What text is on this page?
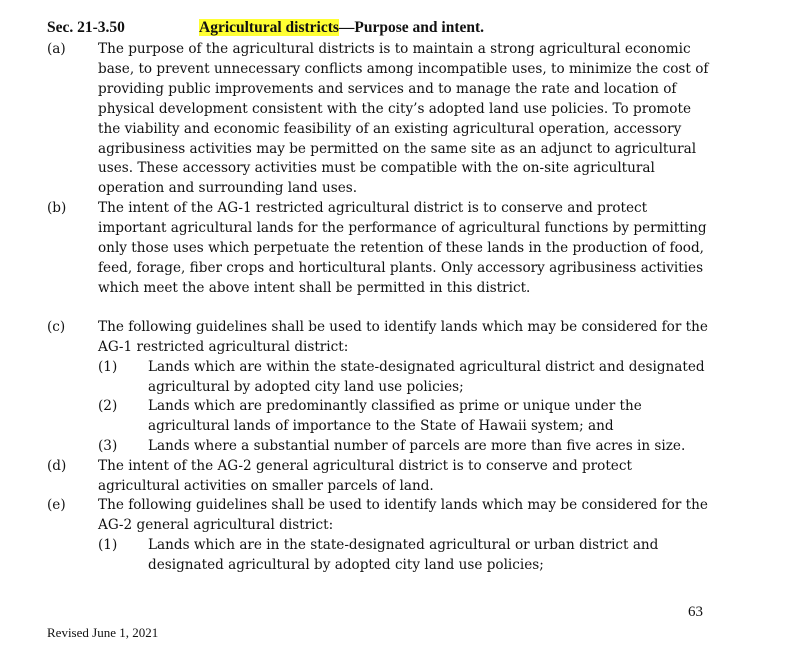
Sec. 21-3.50	Agricultural districts—Purpose and intent.
(a) The purpose of the agricultural districts is to maintain a strong agricultural economic base, to prevent unnecessary conflicts among incompatible uses, to minimize the cost of providing public improvements and services and to manage the rate and location of physical development consistent with the city’s adopted land use policies. To promote the viability and economic feasibility of an existing agricultural operation, accessory agribusiness activities may be permitted on the same site as an adjunct to agricultural uses. These accessory activities must be compatible with the on-site agricultural operation and surrounding land uses.
(b) The intent of the AG-1 restricted agricultural district is to conserve and protect important agricultural lands for the performance of agricultural functions by permitting only those uses which perpetuate the retention of these lands in the production of food, feed, forage, fiber crops and horticultural plants. Only accessory agribusiness activities which meet the above intent shall be permitted in this district.
(c) The following guidelines shall be used to identify lands which may be considered for the AG-1 restricted agricultural district:
(1) Lands which are within the state-designated agricultural district and designated agricultural by adopted city land use policies;
(2) Lands which are predominantly classified as prime or unique under the agricultural lands of importance to the State of Hawaii system; and
(3) Lands where a substantial number of parcels are more than five acres in size.
(d) The intent of the AG-2 general agricultural district is to conserve and protect agricultural activities on smaller parcels of land.
(e) The following guidelines shall be used to identify lands which may be considered for the AG-2 general agricultural district:
(1) Lands which are in the state-designated agricultural or urban district and designated agricultural by adopted city land use policies;
63
Revised June 1, 2021
